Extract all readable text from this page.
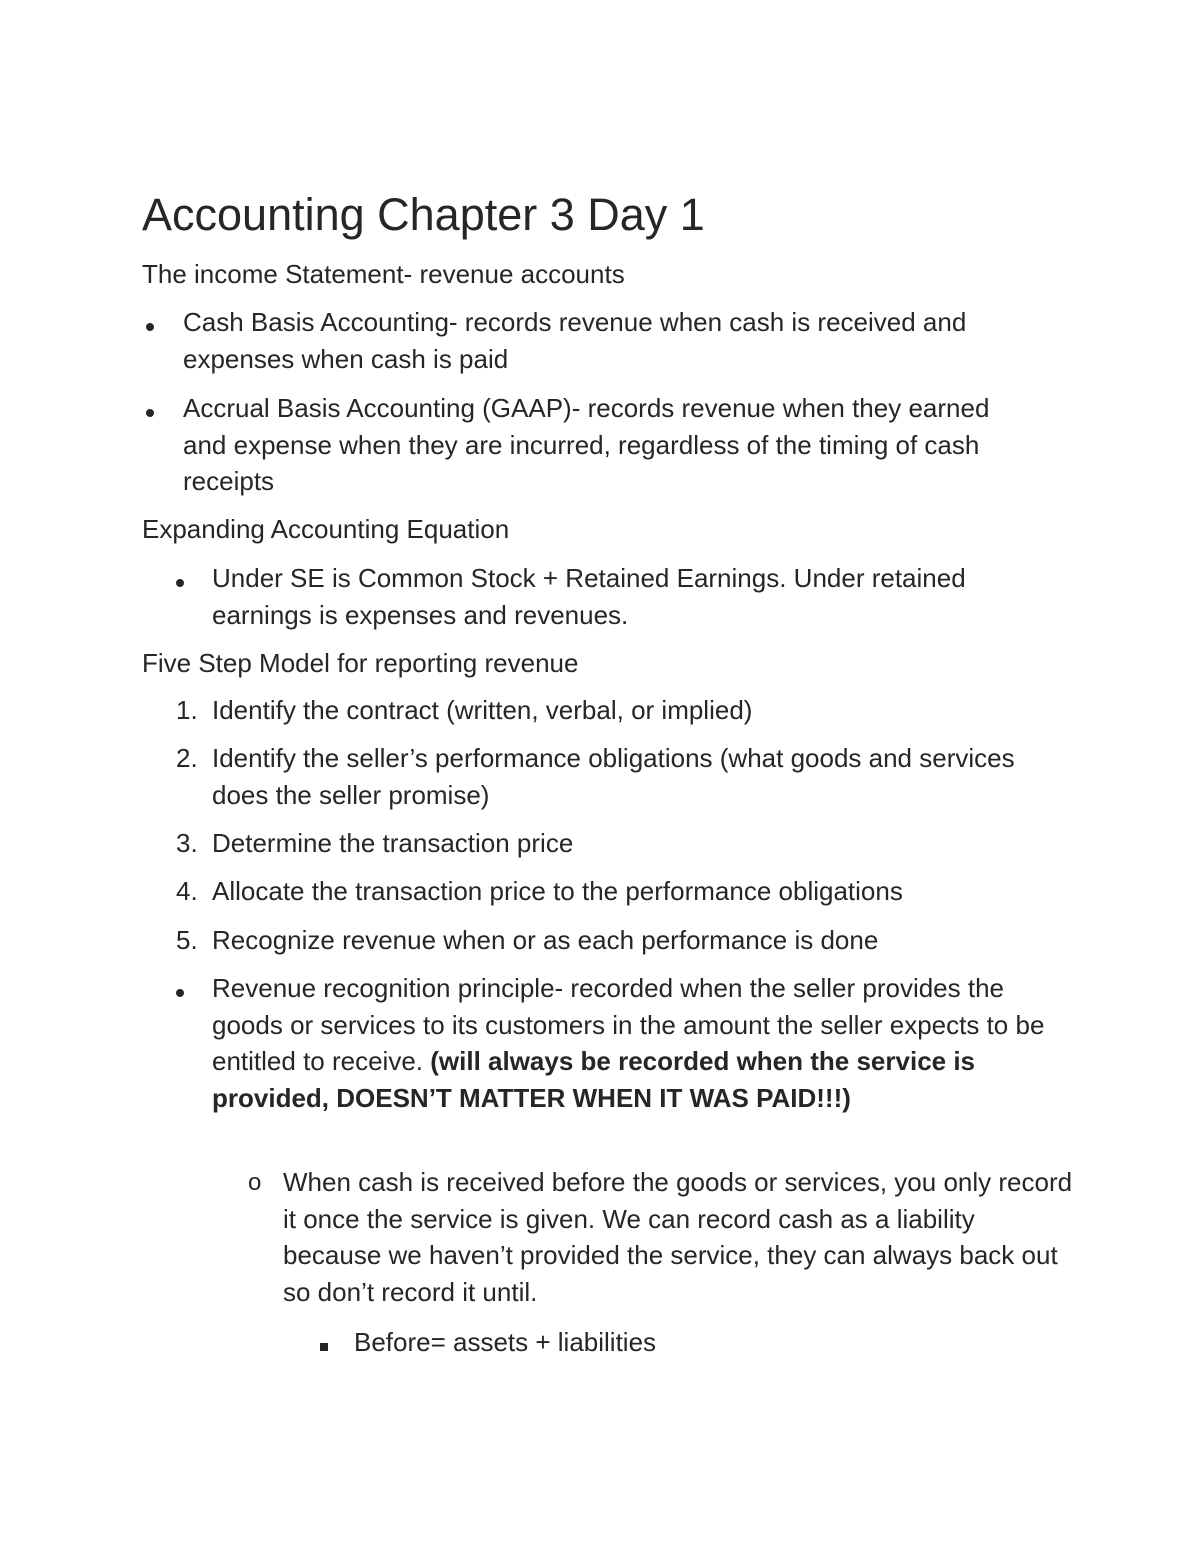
Accounting Chapter 3 Day 1

The income Statement- revenue accounts

Cash Basis Accounting- records revenue when cash is received and expenses when cash is paid

Accrual Basis Accounting (GAAP)- records revenue when they earned and expense when they are incurred, regardless of the timing of cash receipts

Expanding Accounting Equation

Under SE is Common Stock + Retained Earnings. Under retained earnings is expenses and revenues.

Five Step Model for reporting revenue

1. Identify the contract (written, verbal, or implied)

2. Identify the seller’s performance obligations (what goods and services does the seller promise)

3. Determine the transaction price

4. Allocate the transaction price to the performance obligations

5. Recognize revenue when or as each performance is done

Revenue recognition principle- recorded when the seller provides the goods or services to its customers in the amount the seller expects to be entitled to receive. (will always be recorded when the service is provided, DOESN’T MATTER WHEN IT WAS PAID!!!)

o When cash is received before the goods or services, you only record it once the service is given. We can record cash as a liability because we haven’t provided the service, they can always back out so don’t record it until.

Before= assets + liabilities
